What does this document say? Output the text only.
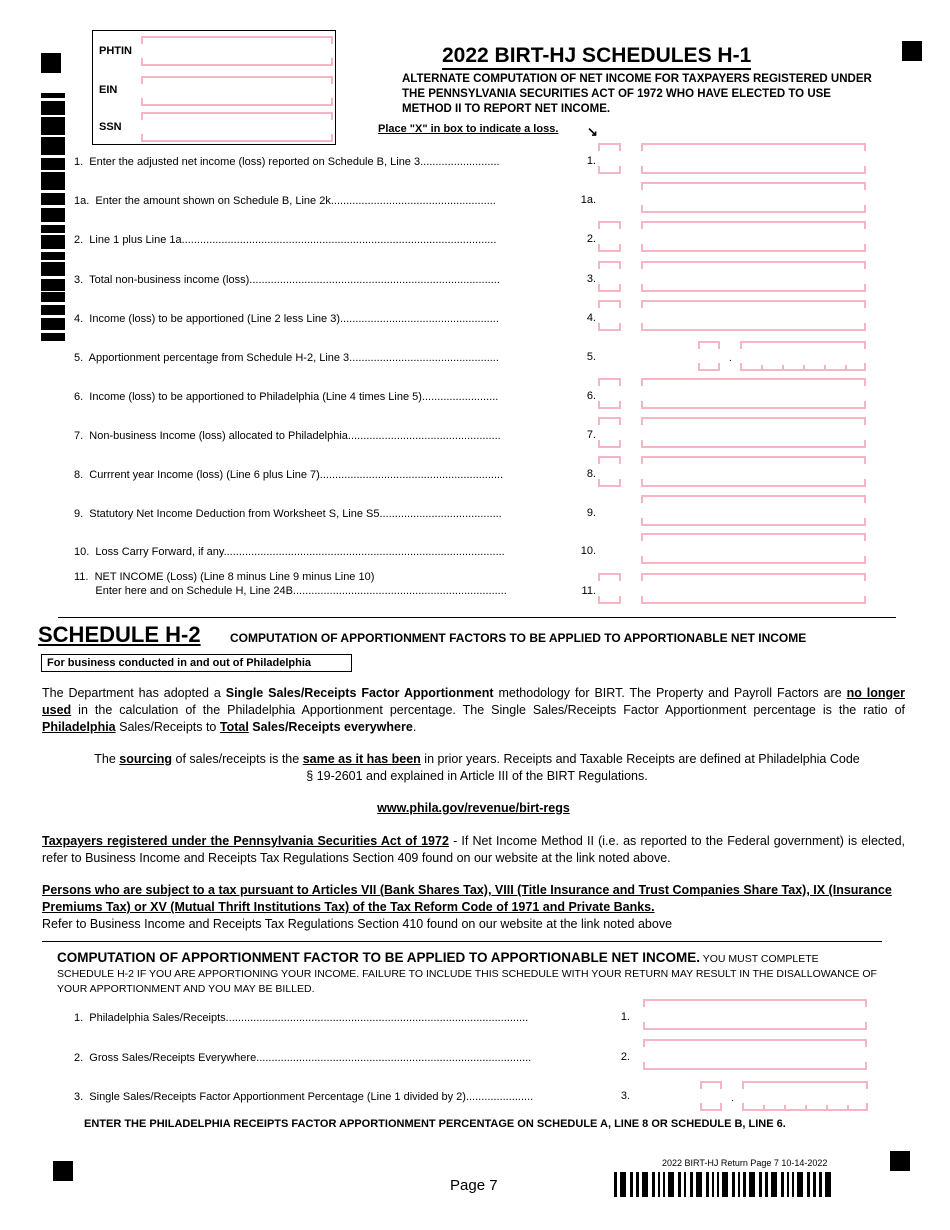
PHTIN
EIN
SSN
2022 BIRT-HJ SCHEDULES H-1
ALTERNATE COMPUTATION OF NET INCOME FOR TAXPAYERS REGISTERED UNDER THE PENNSYLVANIA SECURITIES ACT OF 1972 WHO HAVE ELECTED TO USE METHOD II TO REPORT NET INCOME.
Place "X" in box to indicate a loss. ↘
SCHEDULE H-2 COMPUTATION OF APPORTIONMENT FACTORS TO BE APPLIED TO APPORTIONABLE NET INCOME
For business conducted in and out of Philadelphia
The Department has adopted a Single Sales/Receipts Factor Apportionment methodology for BIRT. The Property and Payroll Factors are no longer used in the calculation of the Philadelphia Apportionment percentage. The Single Sales/Receipts Factor Apportionment percentage is the ratio of Philadelphia Sales/Receipts to Total Sales/Receipts everywhere.
The sourcing of sales/receipts is the same as it has been in prior years. Receipts and Taxable Receipts are defined at Philadelphia Code § 19-2601 and explained in Article III of the BIRT Regulations.
www.phila.gov/revenue/birt-regs
Taxpayers registered under the Pennsylvania Securities Act of 1972 - If Net Income Method II (i.e. as reported to the Federal government) is elected, refer to Business Income and Receipts Tax Regulations Section 409 found on our website at the link noted above.
Persons who are subject to a tax pursuant to Articles VII (Bank Shares Tax), VIII (Title Insurance and Trust Companies Share Tax), IX (Insurance Premiums Tax) or XV (Mutual Thrift Institutions Tax) of the Tax Reform Code of 1971 and Private Banks.
Refer to Business Income and Receipts Tax Regulations Section 410 found on our website at the link noted above
COMPUTATION OF APPORTIONMENT FACTOR TO BE APPLIED TO APPORTIONABLE NET INCOME. YOU MUST COMPLETE SCHEDULE H-2 IF YOU ARE APPORTIONING YOUR INCOME. FAILURE TO INCLUDE THIS SCHEDULE WITH YOUR RETURN MAY RESULT IN THE DISALLOWANCE OF YOUR APPORTIONMENT AND YOU MAY BE BILLED.
ENTER THE PHILADELPHIA RECEIPTS FACTOR APPORTIONMENT PERCENTAGE ON SCHEDULE A, LINE 8 OR SCHEDULE B, LINE 6.
2022 BIRT-HJ Return Page 7 10-14-2022
Page 7
1.  Enter the adjusted net income (loss) reported on Schedule B, Line 3..........................	1.
1a.  Enter the amount shown on Schedule B, Line 2k......................................................	1a.
2.  Line 1 plus Line 1a.......................................................................................................	2.
3.  Total non-business income (loss)..................................................................................	3.
4.  Income (loss) to be apportioned (Line 2 less Line 3)....................................................	4.
5.  Apportionment percentage from Schedule H-2, Line 3.................................................	5.	.
6.  Income (loss) to be apportioned to Philadelphia (Line 4 times Line 5).........................	6.
7.  Non-business Income (loss) allocated to Philadelphia..................................................	7.
8.  Currrent year Income (loss) (Line 6 plus Line 7)............................................................	8.
9.  Statutory Net Income Deduction from Worksheet S, Line S5........................................	9.
10.  Loss Carry Forward, if any............................................................................................	10.
11.  NET INCOME (Loss) (Line 8 minus Line 9 minus Line 10)
Enter here and on Schedule H, Line 24B......................................................................	11.
1.  Philadelphia Sales/Receipts...................................................................................................	1.
2.  Gross Sales/Receipts Everywhere..........................................................................................	2.
3.  Single Sales/Receipts Factor Apportionment Percentage (Line 1 divided by 2)......................	3.	.
